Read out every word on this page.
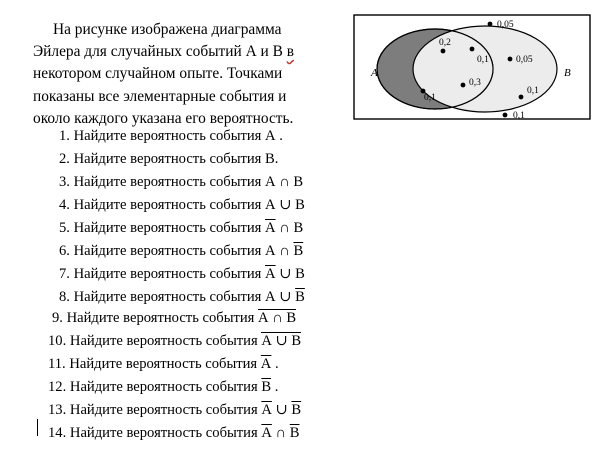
На рисунке изображена диаграмма
Эйлера для случайных событий А и В в
некотором случайном опыте. Точками
показаны все элементарные события и
около каждого указана его вероятность.
1. Найдите вероятность события А .
2. Найдите вероятность события В.
3. Найдите вероятность события А ∩ В
4. Найдите вероятность события А ∪ В
5. Найдите вероятность события А ∩ В
6. Найдите вероятность события А ∩ В
7. Найдите вероятность события А ∪ В
8. Найдите вероятность события А ∪ В
9. Найдите вероятность события А ∩ В
10. Найдите вероятность события А ∪ В
11. Найдите вероятность события А .
12. Найдите вероятность события В .
13. Найдите вероятность события А ∪ В
14. Найдите вероятность события А ∩ В
A	B
0,05
0,2
0,1	0,05
0,3
0,1
0,1
0,1
